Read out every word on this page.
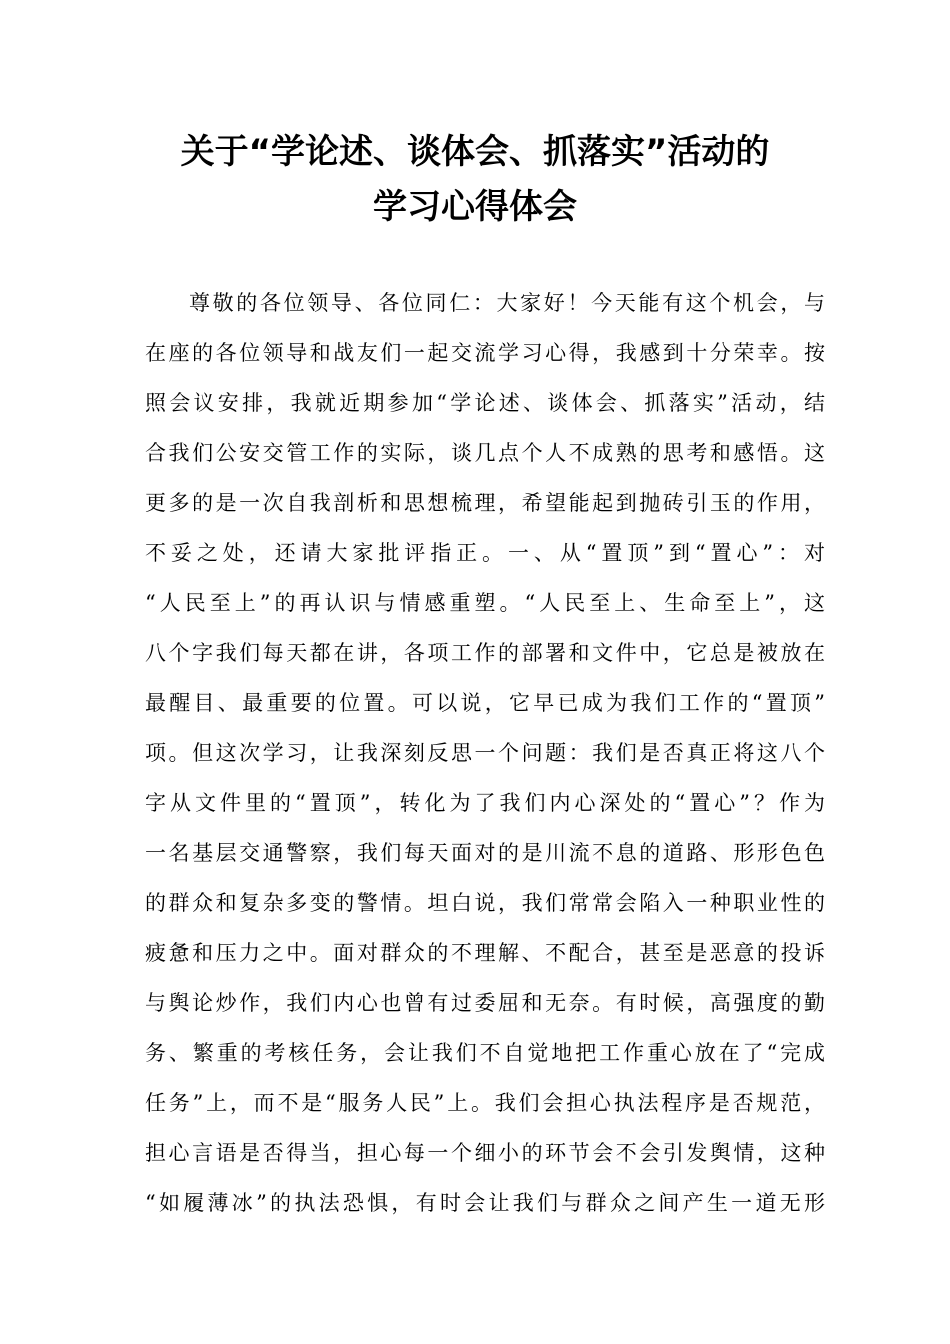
关于“学论述、谈体会、抓落实”活动的
学习心得体会
尊敬的各位领导、各位同仁：大家好！今天能有这个机会，与
在座的各位领导和战友们一起交流学习心得，我感到十分荣幸。按
照会议安排，我就近期参加“学论述、谈体会、抓落实”活动，结
合我们公安交管工作的实际，谈几点个人不成熟的思考和感悟。这
更多的是一次自我剖析和思想梳理，希望能起到抛砖引玉的作用，
不妥之处，还请大家批评指正。一、从“置顶”到“置心”：对
“人民至上”的再认识与情感重塑。“人民至上、生命至上”，这
八个字我们每天都在讲，各项工作的部署和文件中，它总是被放在
最醒目、最重要的位置。可以说，它早已成为我们工作的“置顶”
项。但这次学习，让我深刻反思一个问题：我们是否真正将这八个
字从文件里的“置顶”，转化为了我们内心深处的“置心”？作为
一名基层交通警察，我们每天面对的是川流不息的道路、形形色色
的群众和复杂多变的警情。坦白说，我们常常会陷入一种职业性的
疲惫和压力之中。面对群众的不理解、不配合，甚至是恶意的投诉
与舆论炒作，我们内心也曾有过委屈和无奈。有时候，高强度的勤
务、繁重的考核任务，会让我们不自觉地把工作重心放在了“完成
任务”上，而不是“服务人民”上。我们会担心执法程序是否规范，
担心言语是否得当，担心每一个细小的环节会不会引发舆情，这种
“如履薄冰”的执法恐惧，有时会让我们与群众之间产生一道无形
